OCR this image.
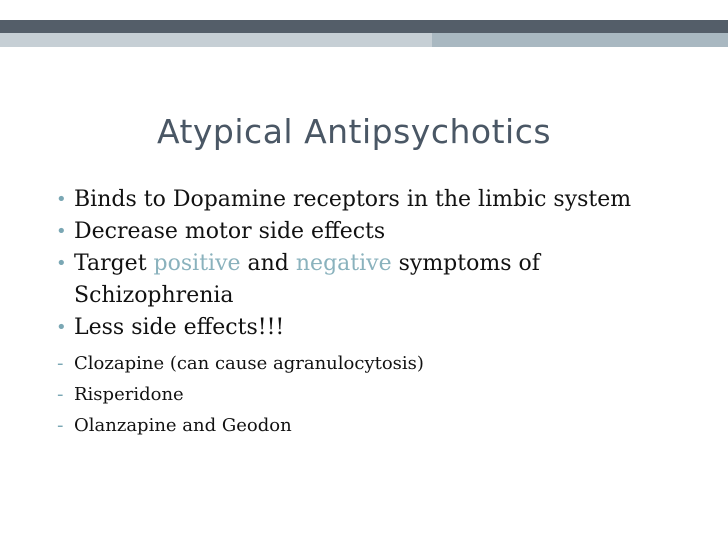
Atypical Antipsychotics
• Binds to Dopamine receptors in the limbic system
• Decrease motor side effects
• Target positive and negative symptoms of Schizophrenia
• Less side effects!!!
- Clozapine (can cause agranulocytosis)
- Risperidone
- Olanzapine and Geodon
